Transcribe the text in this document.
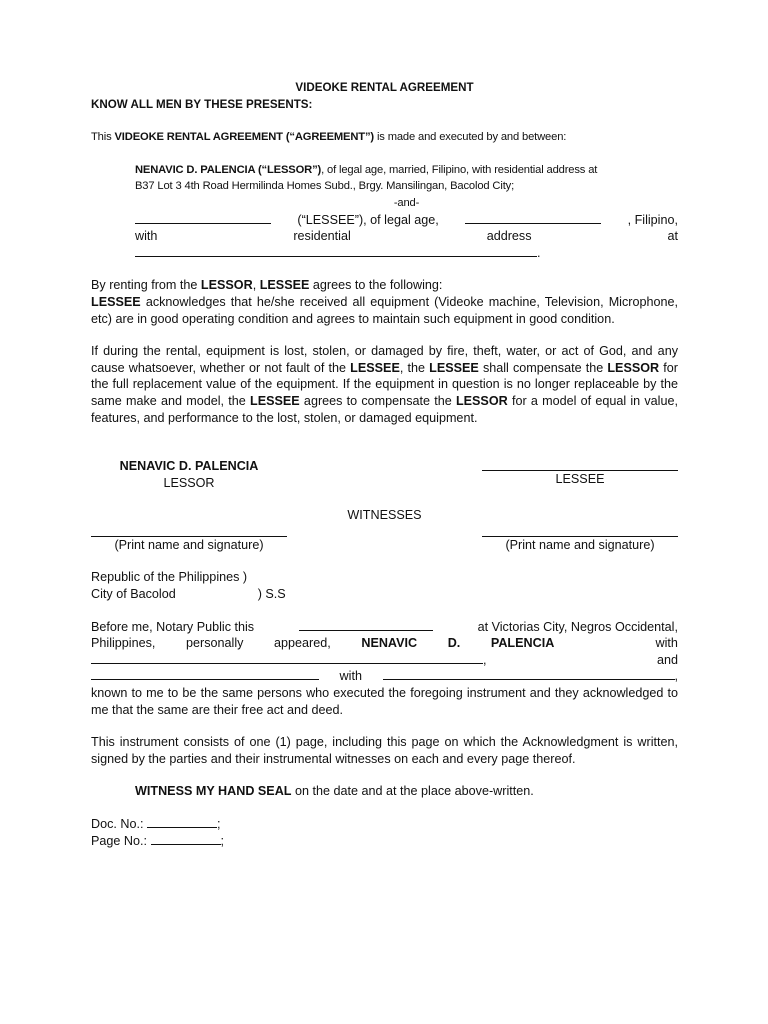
VIDEOKE RENTAL AGREEMENT

KNOW ALL MEN BY THESE PRESENTS:

This VIDEOKE RENTAL AGREEMENT (“AGREEMENT”) is made and executed by and between:

NENAVIC D. PALENCIA (“LESSOR”), of legal age, married, Filipino, with residential address at

B37 Lot 3 4th Road Hermilinda Homes Subd., Brgy. Mansilingan, Bacolod City;

-and-

(“LESSEE”), of legal age,	, Filipino,
with	residential	address	at
.

By renting from the LESSOR, LESSEE agrees to the following:

LESSEE acknowledges that he/she received all equipment (Videoke machine, Television, Microphone, etc) are in good operating condition and agrees to maintain such equipment in good condition.

If during the rental, equipment is lost, stolen, or damaged by fire, theft, water, or act of God, and any cause whatsoever, whether or not fault of the LESSEE, the LESSEE shall compensate the LESSOR for the full replacement value of the equipment. If the equipment in question is no longer replaceable by the same make and model, the LESSEE agrees to compensate the LESSOR for a model of equal in value, features, and performance to the lost, stolen, or damaged equipment.

NENAVIC D. PALENCIA
LESSOR	LESSEE
WITNESSES
(Print name and signature)	(Print name and signature)
Republic of the Philippines )
City of Bacolod	) S.S
Before me, Notary Public this	at Victorias City, Negros Occidental,
Philippines, personally appeared, NENAVIC D. PALENCIA	with
,	and
with	,

known to me to be the same persons who executed the foregoing instrument and they acknowledged to me that the same are their free act and deed.

This instrument consists of one (1) page, including this page on which the Acknowledgment is written, signed by the parties and their instrumental witnesses on each and every page thereof.

WITNESS MY HAND SEAL on the date and at the place above-written.

Doc. No.:	;
Page No.:	;
